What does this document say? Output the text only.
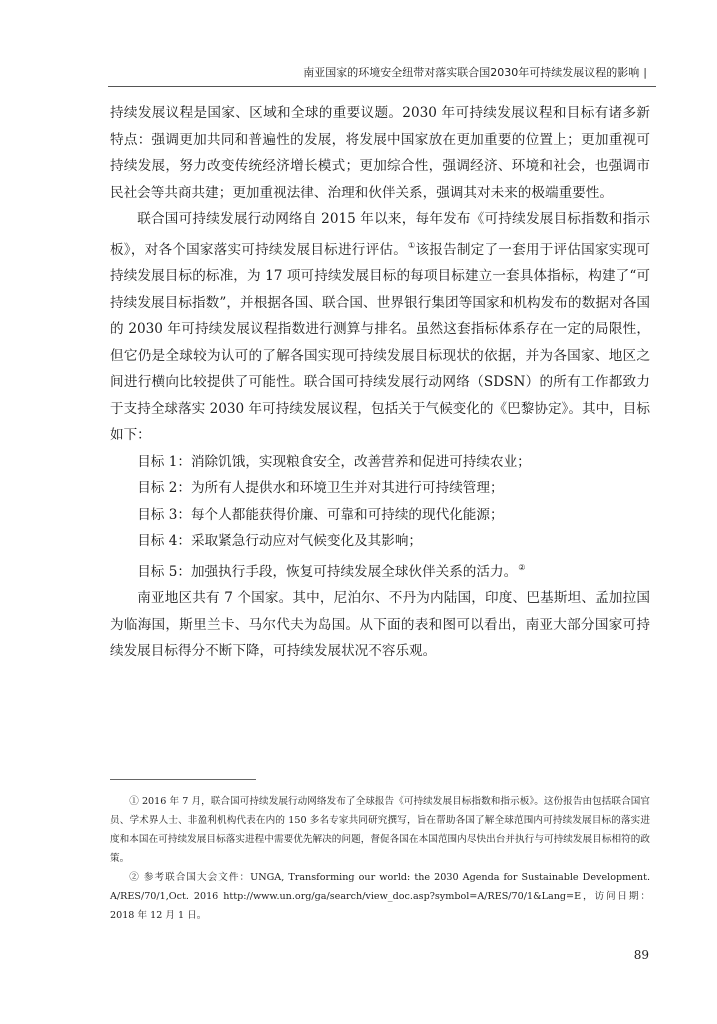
南亚国家的环境安全纽带对落实联合国2030年可持续发展议程的影响 |

持续发展议程是国家、区域和全球的重要议题。2030 年可持续发展议程和目标有诸多新特点：强调更加共同和普遍性的发展，将发展中国家放在更加重要的位置上；更加重视可持续发展，努力改变传统经济增长模式；更加综合性，强调经济、环境和社会，也强调市民社会等共商共建；更加重视法律、治理和伙伴关系，强调其对未来的极端重要性。

联合国可持续发展行动网络自 2015 年以来，每年发布《可持续发展目标指数和指示板》，对各个国家落实可持续发展目标进行评估。①该报告制定了一套用于评估国家实现可持续发展目标的标准，为 17 项可持续发展目标的每项目标建立一套具体指标，构建了“可持续发展目标指数”，并根据各国、联合国、世界银行集团等国家和机构发布的数据对各国的 2030 年可持续发展议程指数进行测算与排名。虽然这套指标体系存在一定的局限性，但它仍是全球较为认可的了解各国实现可持续发展目标现状的依据，并为各国家、地区之间进行横向比较提供了可能性。联合国可持续发展行动网络（SDSN）的所有工作都致力于支持全球落实 2030 年可持续发展议程，包括关于气候变化的《巴黎协定》。其中，目标如下：

目标 1：消除饥饿，实现粮食安全，改善营养和促进可持续农业；

目标 2：为所有人提供水和环境卫生并对其进行可持续管理；

目标 3：每个人都能获得价廉、可靠和可持续的现代化能源；

目标 4：采取紧急行动应对气候变化及其影响；

目标 5：加强执行手段，恢复可持续发展全球伙伴关系的活力。②

南亚地区共有 7 个国家。其中，尼泊尔、不丹为内陆国，印度、巴基斯坦、孟加拉国为临海国，斯里兰卡、马尔代夫为岛国。从下面的表和图可以看出，南亚大部分国家可持续发展目标得分不断下降，可持续发展状况不容乐观。

① 2016 年 7 月，联合国可持续发展行动网络发布了全球报告《可持续发展目标指数和指示板》。这份报告由包括联合国官员、学术界人士、非盈利机构代表在内的 150 多名专家共同研究撰写，旨在帮助各国了解全球范围内可持续发展目标的落实进度和本国在可持续发展目标落实进程中需要优先解决的问题，督促各国在本国范围内尽快出台并执行与可持续发展目标相符的政策。

② 参考联合国大会文件：UNGA, Transforming our world: the 2030 Agenda for Sustainable Development. A/RES/70/1,Oct. 2016 http://www.un.org/ga/search/view_doc.asp?symbol=A/RES/70/1&Lang=E，访问日期：2018 年 12 月 1 日。

89
